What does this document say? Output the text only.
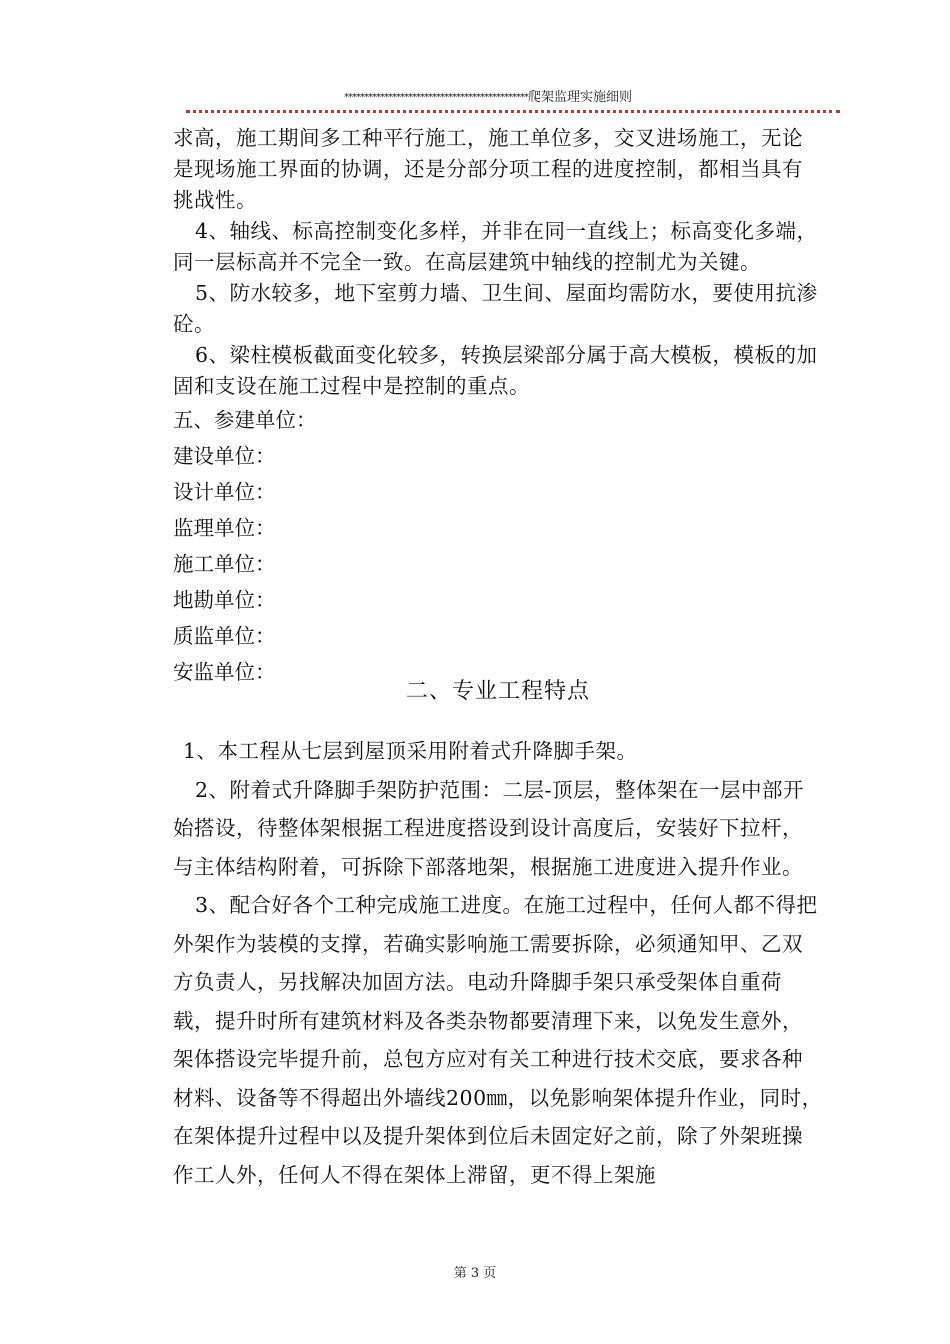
**********************************************爬架监理实施细则

求高，施工期间多工种平行施工，施工单位多，交叉进场施工，无论是现场施工界面的协调，还是分部分项工程的进度控制，都相当具有挑战性。

4、轴线、标高控制变化多样，并非在同一直线上；标高变化多端，同一层标高并不完全一致。在高层建筑中轴线的控制尤为关键。

5、防水较多，地下室剪力墙、卫生间、屋面均需防水，要使用抗渗砼。

6、梁柱模板截面变化较多，转换层梁部分属于高大模板，模板的加固和支设在施工过程中是控制的重点。

五、参建单位：
建设单位：
设计单位：
监理单位：
施工单位：
地勘单位：
质监单位：
安监单位：
二、专业工程特点

1、本工程从七层到屋顶采用附着式升降脚手架。

2、附着式升降脚手架防护范围：二层-顶层，整体架在一层中部开始搭设，待整体架根据工程进度搭设到设计高度后，安装好下拉杆，与主体结构附着，可拆除下部落地架，根据施工进度进入提升作业。

3、配合好各个工种完成施工进度。在施工过程中，任何人都不得把外架作为装模的支撑，若确实影响施工需要拆除，必须通知甲、乙双方负责人，另找解决加固方法。电动升降脚手架只承受架体自重荷载，提升时所有建筑材料及各类杂物都要清理下来，以免发生意外，架体搭设完毕提升前，总包方应对有关工种进行技术交底，要求各种材料、设备等不得超出外墙线200㎜，以免影响架体提升作业，同时，在架体提升过程中以及提升架体到位后未固定好之前，除了外架班操作工人外，任何人不得在架体上滞留，更不得上架施

第 3 页
